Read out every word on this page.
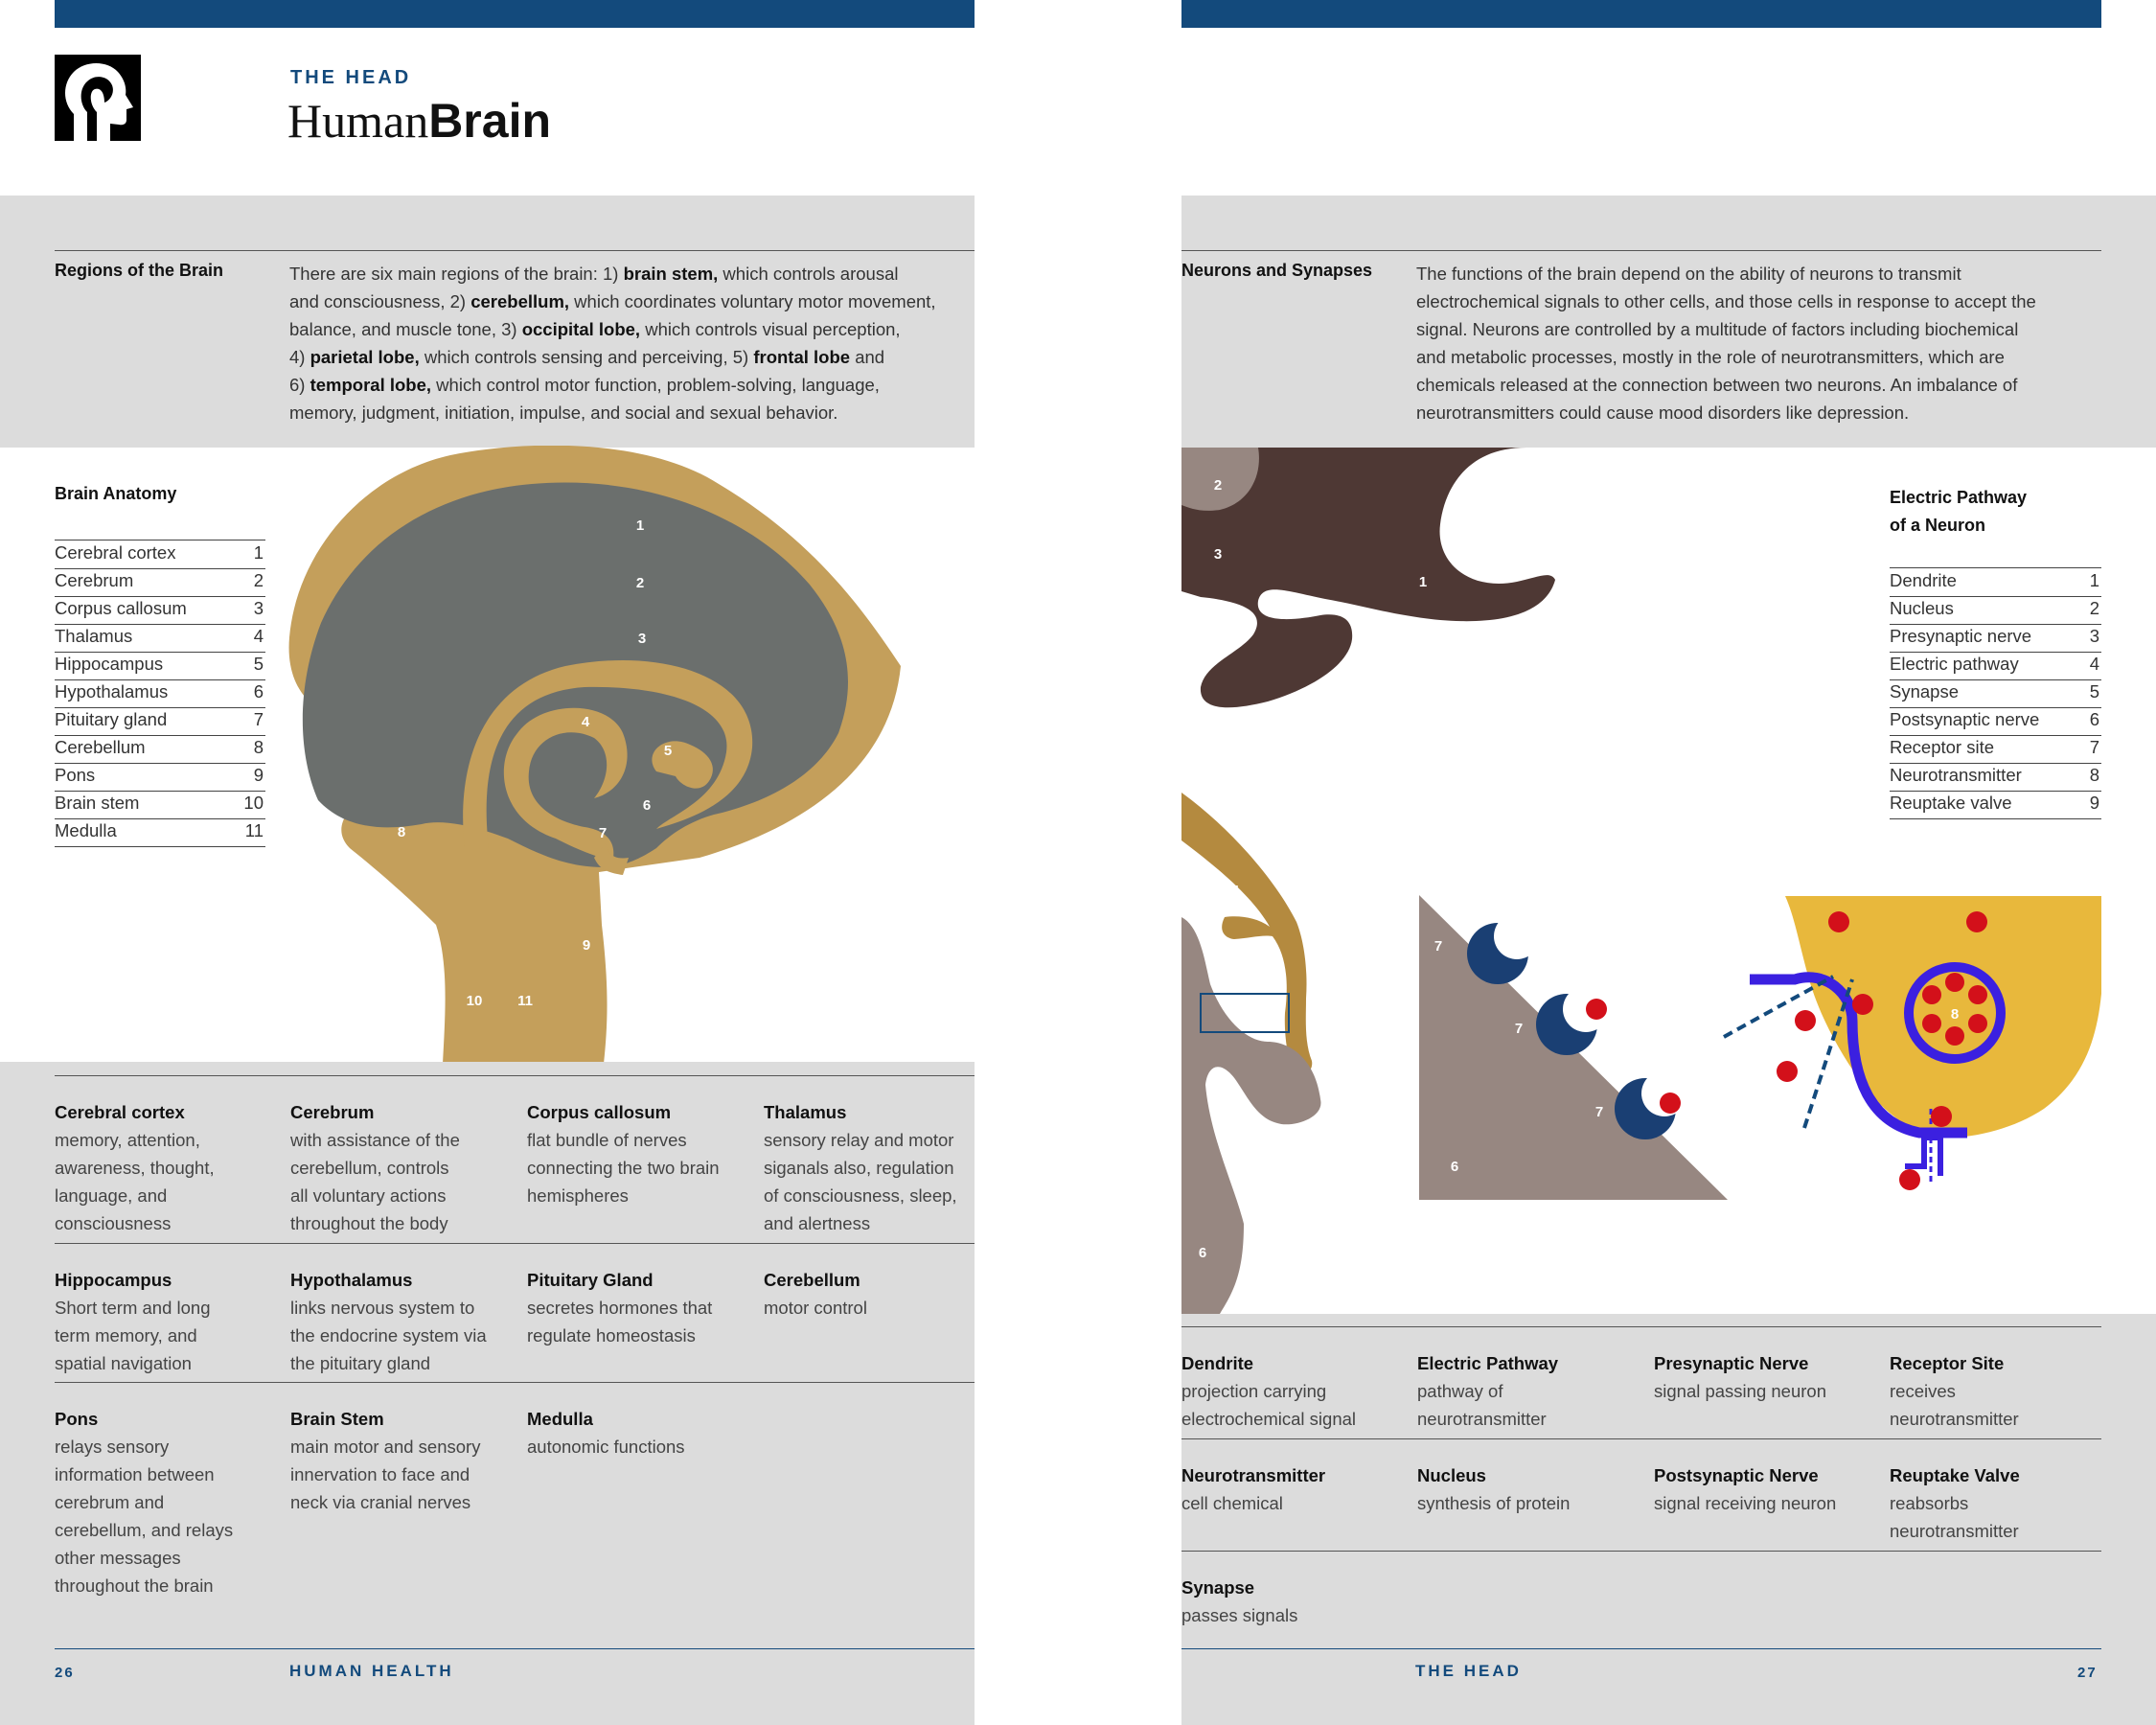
THE HEAD
HumanBrain
Regions of the Brain	There are six main regions of the brain: 1) brain stem, which controls arousal
and consciousness, 2) cerebellum, which coordinates voluntary motor movement,
balance, and muscle tone, 3) occipital lobe, which controls visual perception,
4) parietal lobe, which controls sensing and perceiving, 5) frontal lobe and
6) temporal lobe, which control motor function, problem-solving, language,
memory, judgment, initiation, impulse, and social and sexual behavior.
Brain Anatomy
Cerebral cortex	1
Cerebrum	2
Corpus callosum	3
Thalamus	4
Hippocampus	5
Hypothalamus	6
Pituitary gland	7
Cerebellum	8
Pons	9
Brain stem	10
Medulla	11
1
2
3
4
5
6
7
8
9
10 11
Cerebral cortex
memory, attention,
awareness, thought,
language, and
consciousness
Cerebrum
with assistance of the
cerebellum, controls
all voluntary actions
throughout the body
Corpus callosum
flat bundle of nerves
connecting the two brain
hemispheres
Thalamus
sensory relay and motor
siganals also, regulation
of consciousness, sleep,
and alertness
Hippocampus
Short term and long
term memory, and
spatial navigation
Hypothalamus
links nervous system to
the endocrine system via
the pituitary gland
Pituitary Gland
secretes hormones that
regulate homeostasis
Cerebellum
motor control
Pons
relays sensory
information between
cerebrum and
cerebellum, and relays
other messages
throughout the brain
Brain Stem
main motor and sensory
innervation to face and
neck via cranial nerves
Medulla
autonomic functions
26	HUMAN HEALTH
Neurons and Synapses The functions of the brain depend on the ability of neurons to transmit
electrochemical signals to other cells, and those cells in response to accept the
signal. Neurons are controlled by a multitude of factors including biochemical
and metabolic processes, mostly in the role of neurotransmitters, which are
chemicals released at the connection between two neurons. An imbalance of
neurotransmitters could cause mood disorders like depression.
1
2
3
4
5
6
6
7
7
7
8
9
Electric Pathway
of a Neuron
Dendrite	1
Nucleus	2
Presynaptic nerve	3
Electric pathway	4
Synapse	5
Postsynaptic nerve	6
Receptor site	7
Neurotransmitter	8
Reuptake valve	9
Dendrite
projection carrying
electrochemical signal
Electric Pathway
pathway of
neurotransmitter
Presynaptic Nerve
signal passing neuron
Receptor Site
receives
neurotransmitter
Neurotransmitter
cell chemical
Nucleus
synthesis of protein
Postsynaptic Nerve
signal receiving neuron
Reuptake Valve
reabsorbs
neurotransmitter
Synapse
passes signals
THE HEAD	27
